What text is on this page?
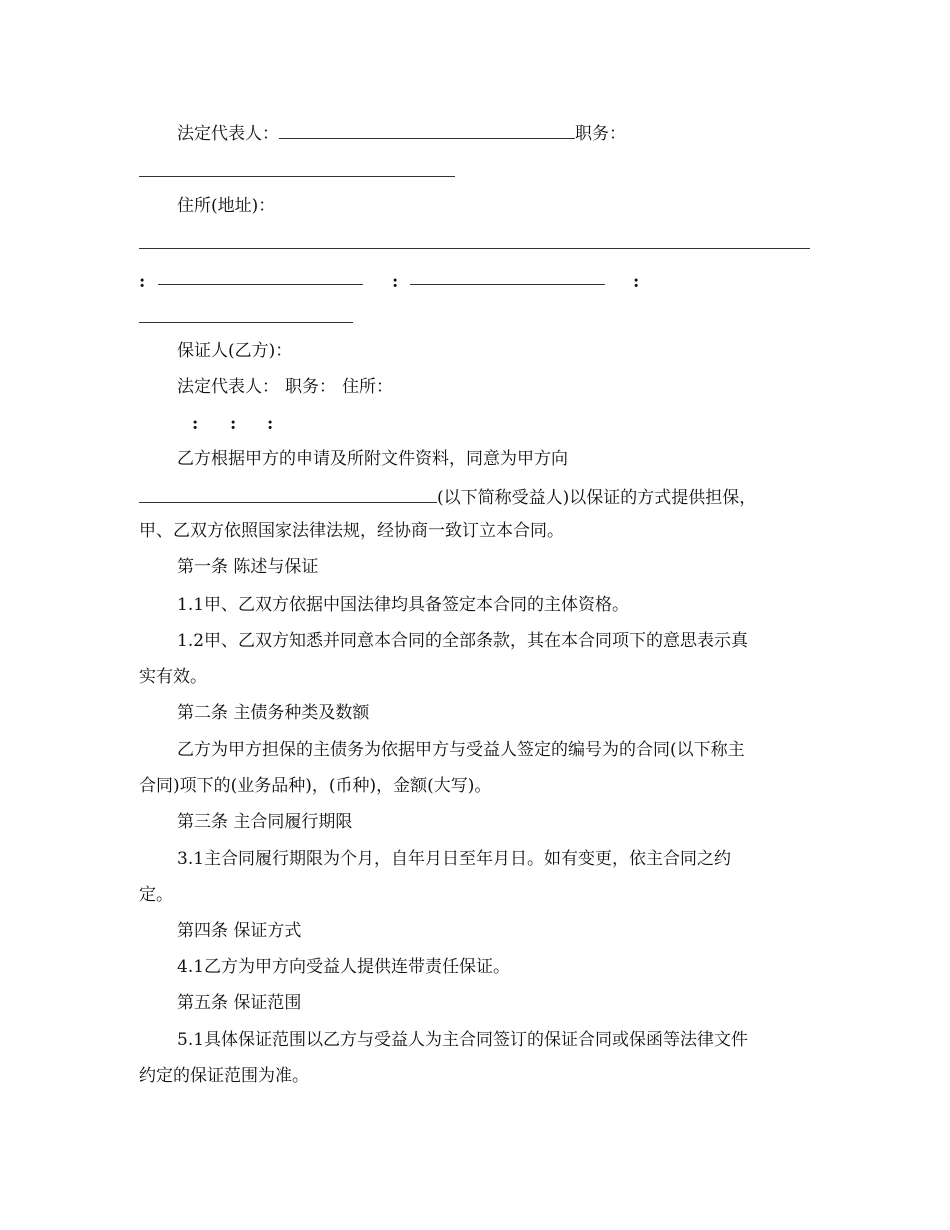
法定代表人：	职务：
住所(地址)：
:	:	:
保证人(乙方)：
法定代表人： 职务： 住所：
: : :
乙方根据甲方的申请及所附文件资料，同意为甲方向
(以下简称受益人)以保证的方式提供担保，
甲、乙双方依照国家法律法规，经协商一致订立本合同。
第一条 陈述与保证
1.1甲、乙双方依据中国法律均具备签定本合同的主体资格。
1.2甲、乙双方知悉并同意本合同的全部条款，其在本合同项下的意思表示真
实有效。
第二条 主债务种类及数额
乙方为甲方担保的主债务为依据甲方与受益人签定的编号为的合同(以下称主
合同)项下的(业务品种)，(币种)，金额(大写)。
第三条 主合同履行期限
3.1主合同履行期限为个月，自年月日至年月日。如有变更，依主合同之约
定。
第四条 保证方式
4.1乙方为甲方向受益人提供连带责任保证。
第五条 保证范围
5.1具体保证范围以乙方与受益人为主合同签订的保证合同或保函等法律文件
约定的保证范围为准。
